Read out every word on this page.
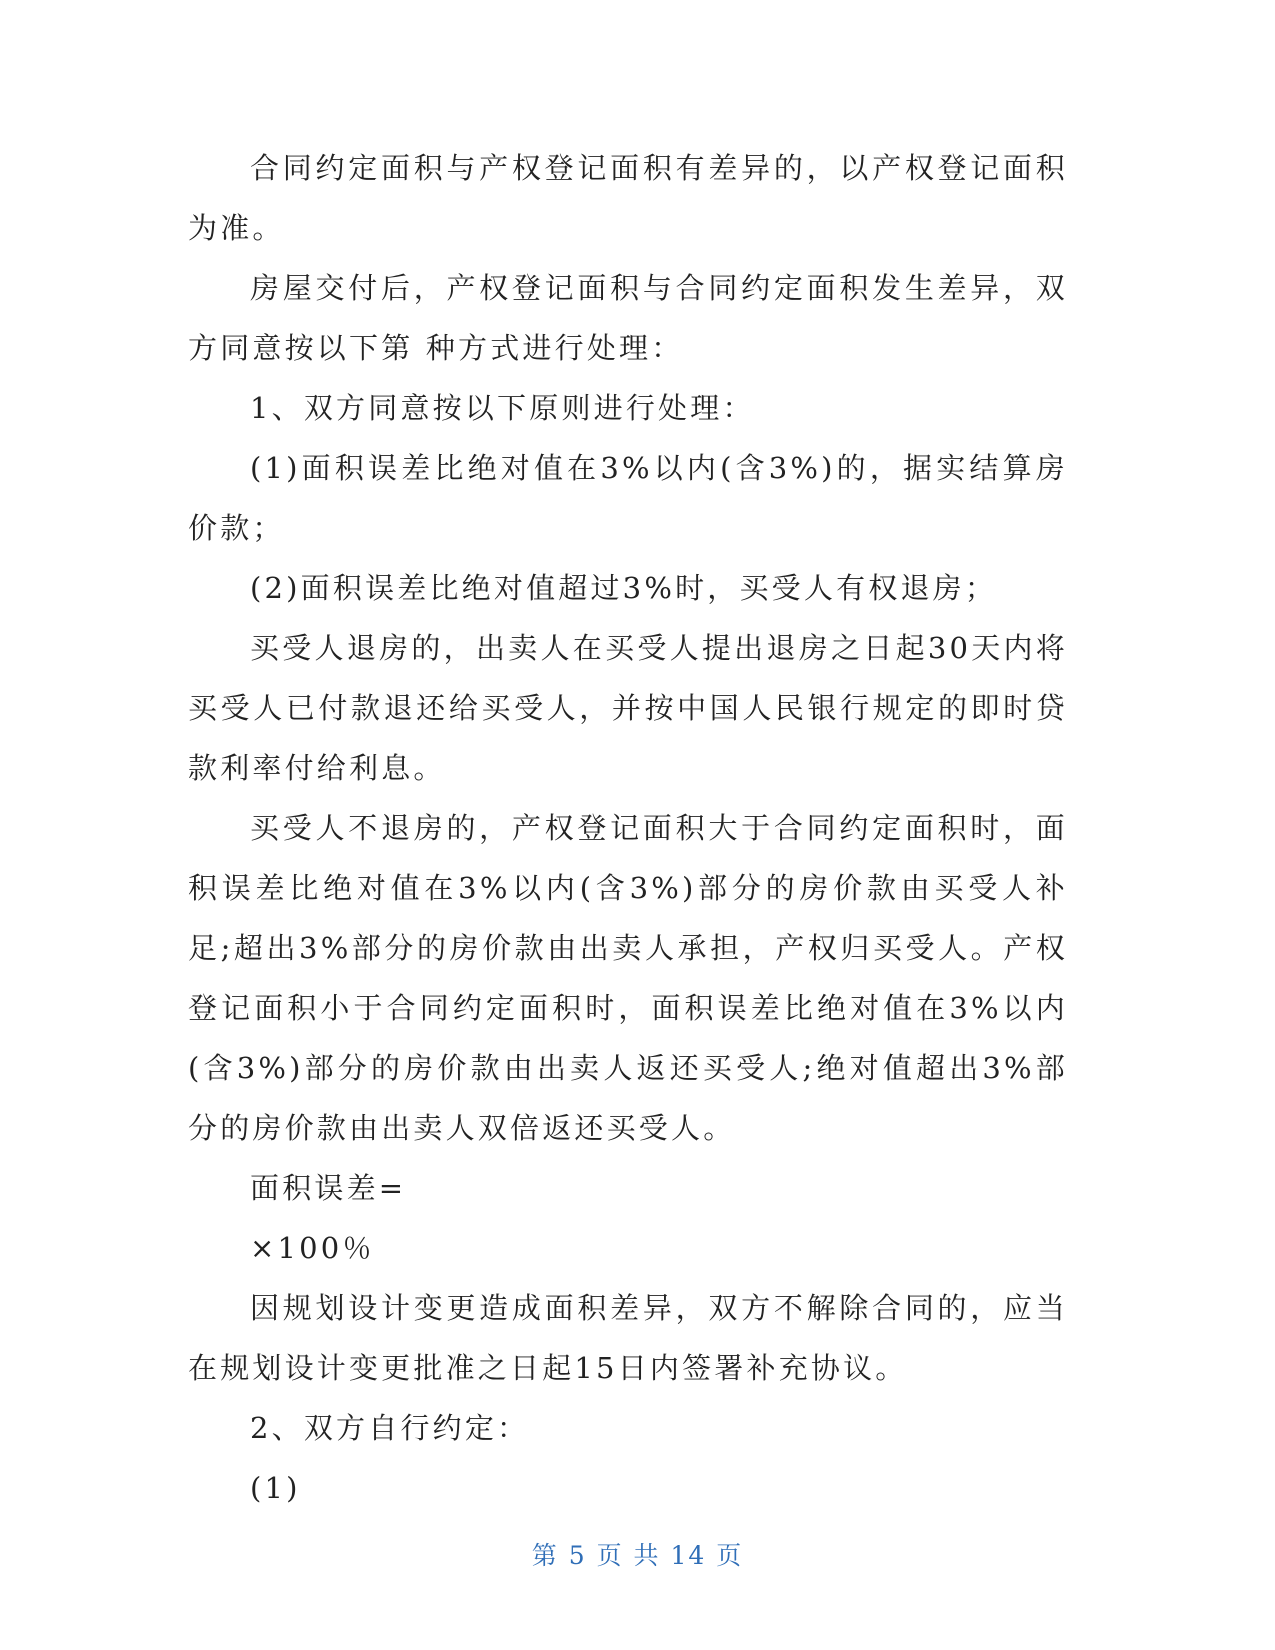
合同约定面积与产权登记面积有差异的，以产权登记面积为准。

房屋交付后，产权登记面积与合同约定面积发生差异，双方同意按以下第 种方式进行处理：

1、双方同意按以下原则进行处理：

(1)面积误差比绝对值在3%以内(含3%)的，据实结算房价款；

(2)面积误差比绝对值超过3%时，买受人有权退房；

买受人退房的，出卖人在买受人提出退房之日起30天内将买受人已付款退还给买受人，并按中国人民银行规定的即时贷款利率付给利息。

买受人不退房的，产权登记面积大于合同约定面积时，面积误差比绝对值在3%以内(含3%)部分的房价款由买受人补足;超出3%部分的房价款由出卖人承担，产权归买受人。产权登记面积小于合同约定面积时，面积误差比绝对值在3%以内(含3%)部分的房价款由出卖人返还买受人;绝对值超出3%部分的房价款由出卖人双倍返还买受人。

面积误差=

×100％

因规划设计变更造成面积差异，双方不解除合同的，应当在规划设计变更批准之日起15日内签署补充协议。

2、双方自行约定：

(1)

第 5 页 共 14 页
